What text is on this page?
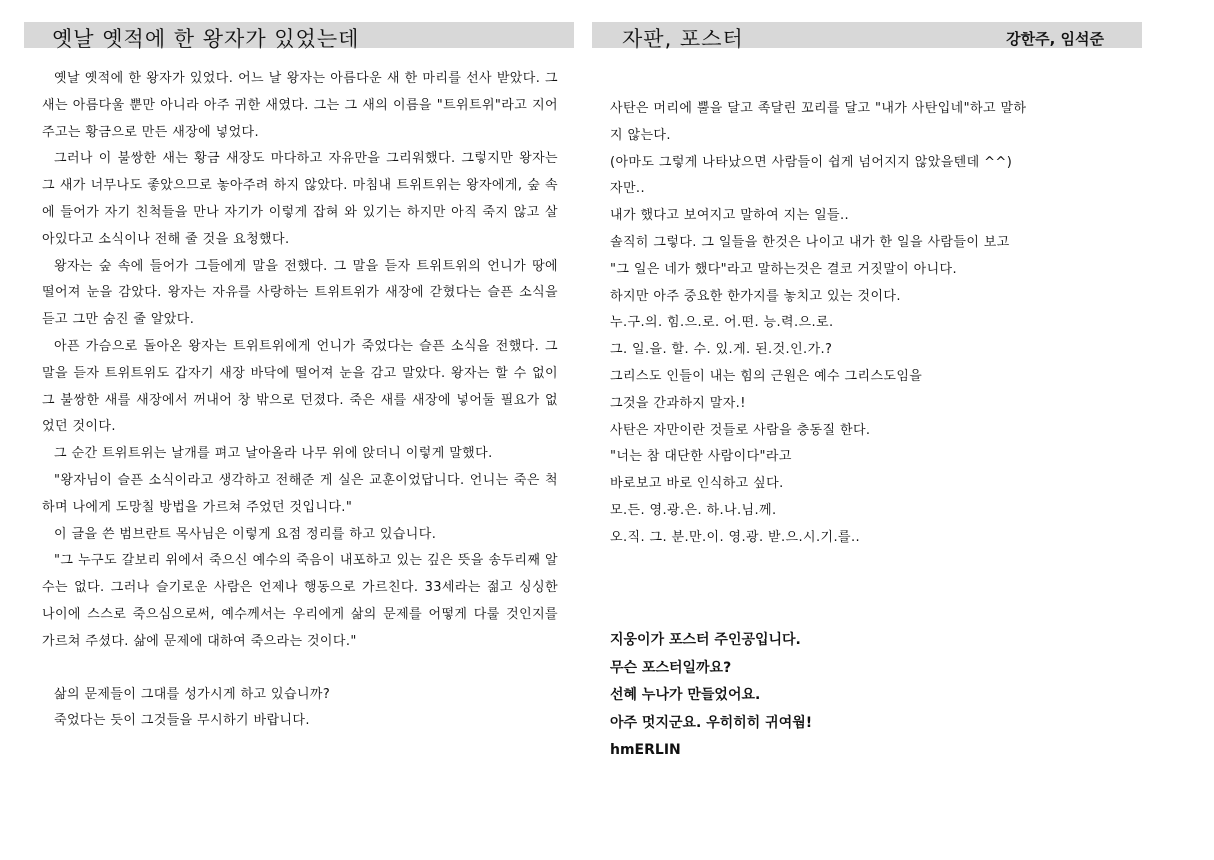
옛날 옛적에 한 왕자가 있었는데

옛날 옛적에 한 왕자가 있었다. 어느 날 왕자는 아름다운 새 한 마리를 선사 받았다. 그 새는 아름다울 뿐만 아니라 아주 귀한 새였다. 그는 그 새의 이름을 "트위트위"라고 지어 주고는 황금으로 만든 새장에 넣었다.

그러나 이 불쌍한 새는 황금 새장도 마다하고 자유만을 그리워했다. 그렇지만 왕자는 그 새가 너무나도 좋았으므로 놓아주려 하지 않았다. 마침내 트위트위는 왕자에게, 숲 속에 들어가 자기 친척들을 만나 자기가 이렇게 잡혀 와 있기는 하지만 아직 죽지 않고 살아있다고 소식이나 전해 줄 것을 요청했다.

왕자는 숲 속에 들어가 그들에게 말을 전했다. 그 말을 듣자 트위트위의 언니가 땅에 떨어져 눈을 감았다. 왕자는 자유를 사랑하는 트위트위가 새장에 갇혔다는 슬픈 소식을 듣고 그만 숨진 줄 알았다.

아픈 가슴으로 돌아온 왕자는 트위트위에게 언니가 죽었다는 슬픈 소식을 전했다. 그 말을 듣자 트위트위도 갑자기 새장 바닥에 떨어져 눈을 감고 말았다. 왕자는 할 수 없이 그 불쌍한 새를 새장에서 꺼내어 창 밖으로 던졌다. 죽은 새를 새장에 넣어둘 필요가 없었던 것이다.

그 순간 트위트위는 날개를 펴고 날아올라 나무 위에 앉더니 이렇게 말했다.

"왕자님이 슬픈 소식이라고 생각하고 전해준 게 실은 교훈이었답니다. 언니는 죽은 척하며 나에게 도망칠 방법을 가르쳐 주었던 것입니다."

이 글을 쓴 범브란트 목사님은 이렇게 요점 정리를 하고 있습니다.

"그 누구도 갈보리 위에서 죽으신 예수의 죽음이 내포하고 있는 깊은 뜻을 송두리째 알 수는 없다. 그러나 슬기로운 사람은 언제나 행동으로 가르친다. 33세라는 젊고 싱싱한 나이에 스스로 죽으심으로써, 예수께서는 우리에게 삶의 문제를 어떻게 다룰 것인지를 가르쳐 주셨다. 삶에 문제에 대하여 죽으라는 것이다."

삶의 문제들이 그대를 성가시게 하고 있습니까?

죽었다는 듯이 그것들을 무시하기 바랍니다.

자판, 포스터	강한주, 임석준

사탄은 머리에 뿔을 달고 족달린 꼬리를 달고 "내가 사탄입네"하고 말하

지 않는다.

(아마도 그렇게 나타났으면 사람들이 쉽게 넘어지지 않았을텐데 ^^)

자만..

내가 했다고 보여지고 말하여 지는 일들..

솔직히 그렇다. 그 일들을 한것은 나이고 내가 한 일을 사람들이 보고

"그 일은 네가 했다"라고 말하는것은 결코 거짓말이 아니다.

하지만 아주 중요한 한가지를 놓치고 있는 것이다.

누.구.의. 힘.으.로. 어.떤. 능.력.으.로.

그. 일.을. 할. 수. 있.게. 된.것.인.가.?

그리스도 인들이 내는 힘의 근원은 예수 그리스도임을

그것을 간과하지 말자.!

사탄은 자만이란 것들로 사람을 충동질 한다.

"너는 참 대단한 사람이다"라고

바로보고 바로 인식하고 싶다.

모.든. 영.광.은. 하.나.님.께.

오.직. 그. 분.만.이. 영.광. 받.으.시.기.를..

지웅이가 포스터 주인공입니다.

무슨 포스터일까요?

선혜 누나가 만들었어요.

아주 멋지군요. 우히히히 귀여웜!

hmERLIN
